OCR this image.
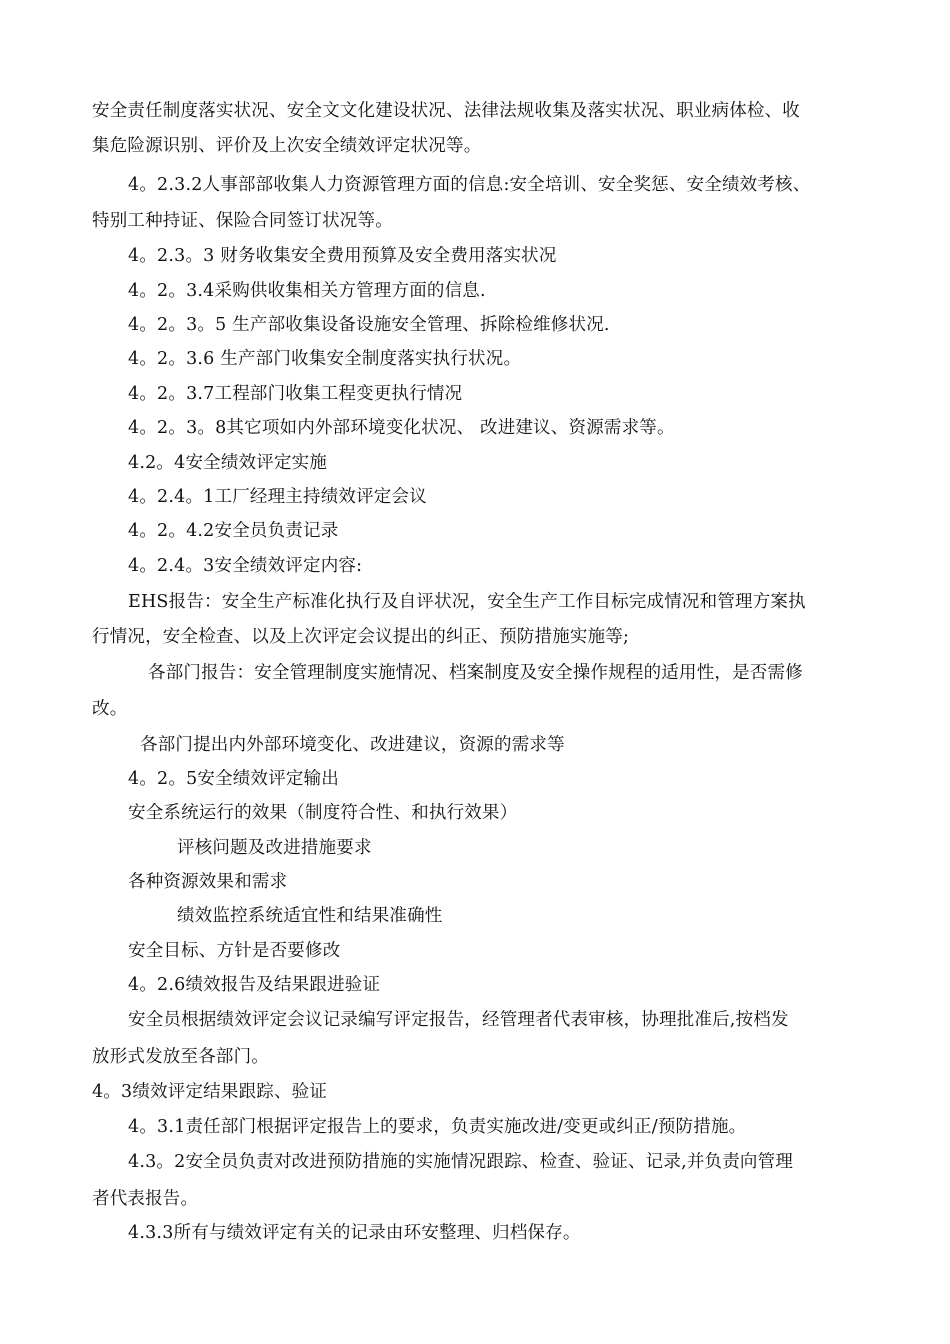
安全责任制度落实状况、安全文文化建设状况、法律法规收集及落实状况、职业病体检、收
集危险源识别、评价及上次安全绩效评定状况等。
4。2.3.2人事部部收集人力资源管理方面的信息:安全培训、安全奖惩、安全绩效考核、
特别工种持证、保险合同签订状况等。
4。2.3。3 财务收集安全费用预算及安全费用落实状况
4。2。3.4采购供收集相关方管理方面的信息.
4。2。3。5 生产部收集设备设施安全管理、拆除检维修状况.
4。2。3.6 生产部门收集安全制度落实执行状况。
4。2。3.7工程部门收集工程变更执行情况
4。2。3。8其它项如内外部环境变化状况、 改进建议、资源需求等。
4.2。4安全绩效评定实施
4。2.4。1工厂经理主持绩效评定会议
4。2。4.2安全员负责记录
4。2.4。3安全绩效评定内容:
EHS报告：安全生产标准化执行及自评状况，安全生产工作目标完成情况和管理方案执
行情况，安全检查、以及上次评定会议提出的纠正、预防措施实施等;
各部门报告：安全管理制度实施情况、档案制度及安全操作规程的适用性，是否需修
改。
各部门提出内外部环境变化、改进建议，资源的需求等
4。2。5安全绩效评定输出
安全系统运行的效果（制度符合性、和执行效果）
评核问题及改进措施要求
各种资源效果和需求
绩效监控系统适宜性和结果准确性
安全目标、方针是否要修改
4。2.6绩效报告及结果跟进验证
安全员根据绩效评定会议记录编写评定报告，经管理者代表审核，协理批准后,按档发
放形式发放至各部门。
4。3绩效评定结果跟踪、验证
4。3.1责任部门根据评定报告上的要求，负责实施改进/变更或纠正/预防措施。
4.3。2安全员负责对改进预防措施的实施情况跟踪、检查、验证、记录,并负责向管理
者代表报告。
4.3.3所有与绩效评定有关的记录由环安整理、归档保存。
